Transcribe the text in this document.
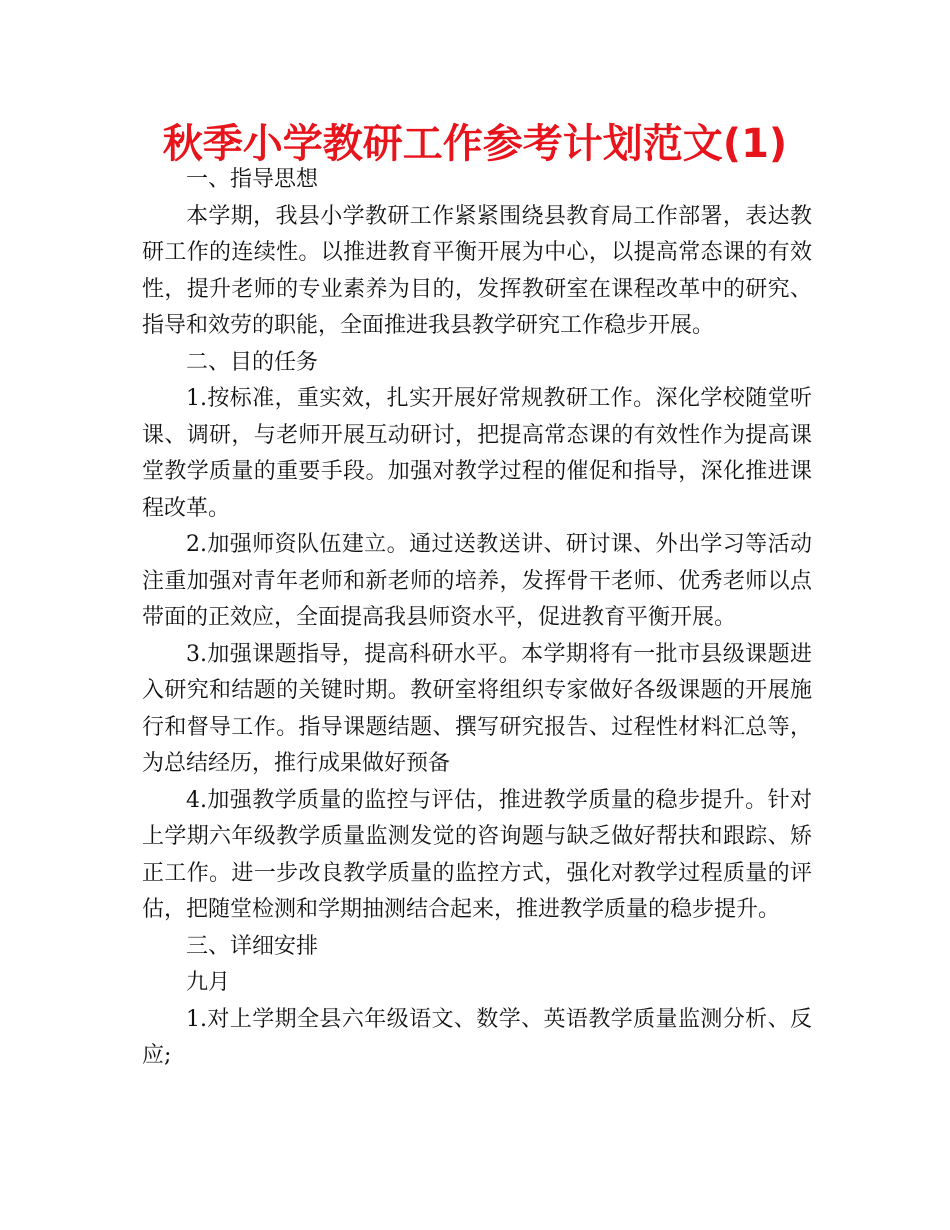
秋季小学教研工作参考计划范文(1)

一、指导思想

本学期，我县小学教研工作紧紧围绕县教育局工作部署，表达教研工作的连续性。以推进教育平衡开展为中心，以提高常态课的有效性，提升老师的专业素养为目的，发挥教研室在课程改革中的研究、指导和效劳的职能，全面推进我县教学研究工作稳步开展。

二、目的任务

1.按标准，重实效，扎实开展好常规教研工作。深化学校随堂听课、调研，与老师开展互动研讨，把提高常态课的有效性作为提高课堂教学质量的重要手段。加强对教学过程的催促和指导，深化推进课程改革。

2.加强师资队伍建立。通过送教送讲、研讨课、外出学习等活动注重加强对青年老师和新老师的培养，发挥骨干老师、优秀老师以点带面的正效应，全面提高我县师资水平，促进教育平衡开展。

3.加强课题指导，提高科研水平。本学期将有一批市县级课题进入研究和结题的关键时期。教研室将组织专家做好各级课题的开展施行和督导工作。指导课题结题、撰写研究报告、过程性材料汇总等，为总结经历，推行成果做好预备

4.加强教学质量的监控与评估，推进教学质量的稳步提升。针对上学期六年级教学质量监测发觉的咨询题与缺乏做好帮扶和跟踪、矫正工作。进一步改良教学质量的监控方式，强化对教学过程质量的评估，把随堂检测和学期抽测结合起来，推进教学质量的稳步提升。

三、详细安排

九月

1.对上学期全县六年级语文、数学、英语教学质量监测分析、反应;
